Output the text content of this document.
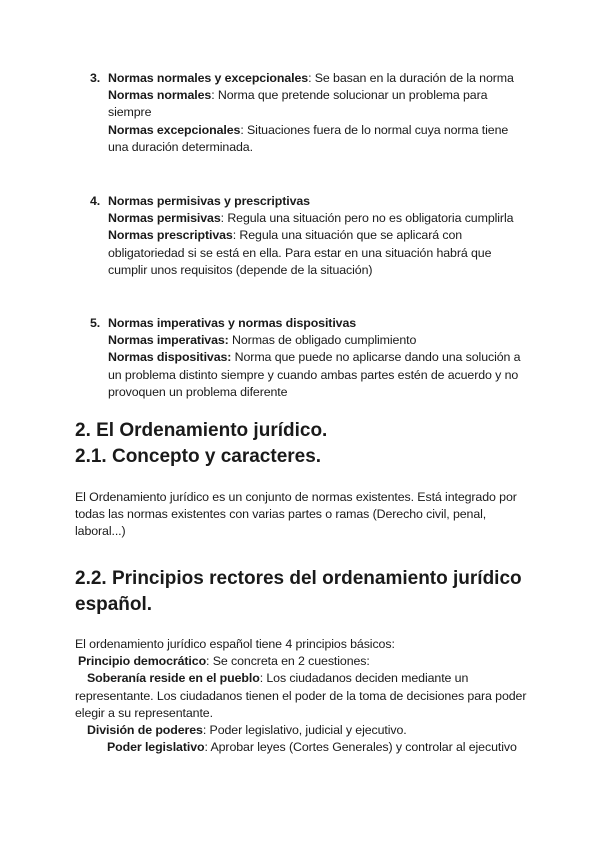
3. Normas normales y excepcionales: Se basan en la duración de la norma
Normas normales: Norma que pretende solucionar un problema para siempre
Normas excepcionales: Situaciones fuera de lo normal cuya norma tiene una duración determinada.
4. Normas permisivas y prescriptivas
Normas permisivas: Regula una situación pero no es obligatoria cumplirla
Normas prescriptivas: Regula una situación que se aplicará con obligatoriedad si se está en ella. Para estar en una situación habrá que cumplir unos requisitos (depende de la situación)
5. Normas imperativas y normas dispositivas
Normas imperativas: Normas de obligado cumplimiento
Normas dispositivas: Norma que puede no aplicarse dando una solución a un problema distinto siempre y cuando ambas partes estén de acuerdo y no provoquen un problema diferente
2. El Ordenamiento jurídico.
2.1. Concepto y caracteres.
El Ordenamiento jurídico es un conjunto de normas existentes. Está integrado por todas las normas existentes con varias partes o ramas (Derecho civil, penal, laboral...)
2.2. Principios rectores del ordenamiento jurídico español.
El ordenamiento jurídico español tiene 4 principios básicos:
Principio democrático: Se concreta en 2 cuestiones:
Soberanía reside en el pueblo: Los ciudadanos deciden mediante un representante. Los ciudadanos tienen el poder de la toma de decisiones para poder elegir a su representante.
División de poderes: Poder legislativo, judicial y ejecutivo.
Poder legislativo: Aprobar leyes (Cortes Generales) y controlar al ejecutivo
